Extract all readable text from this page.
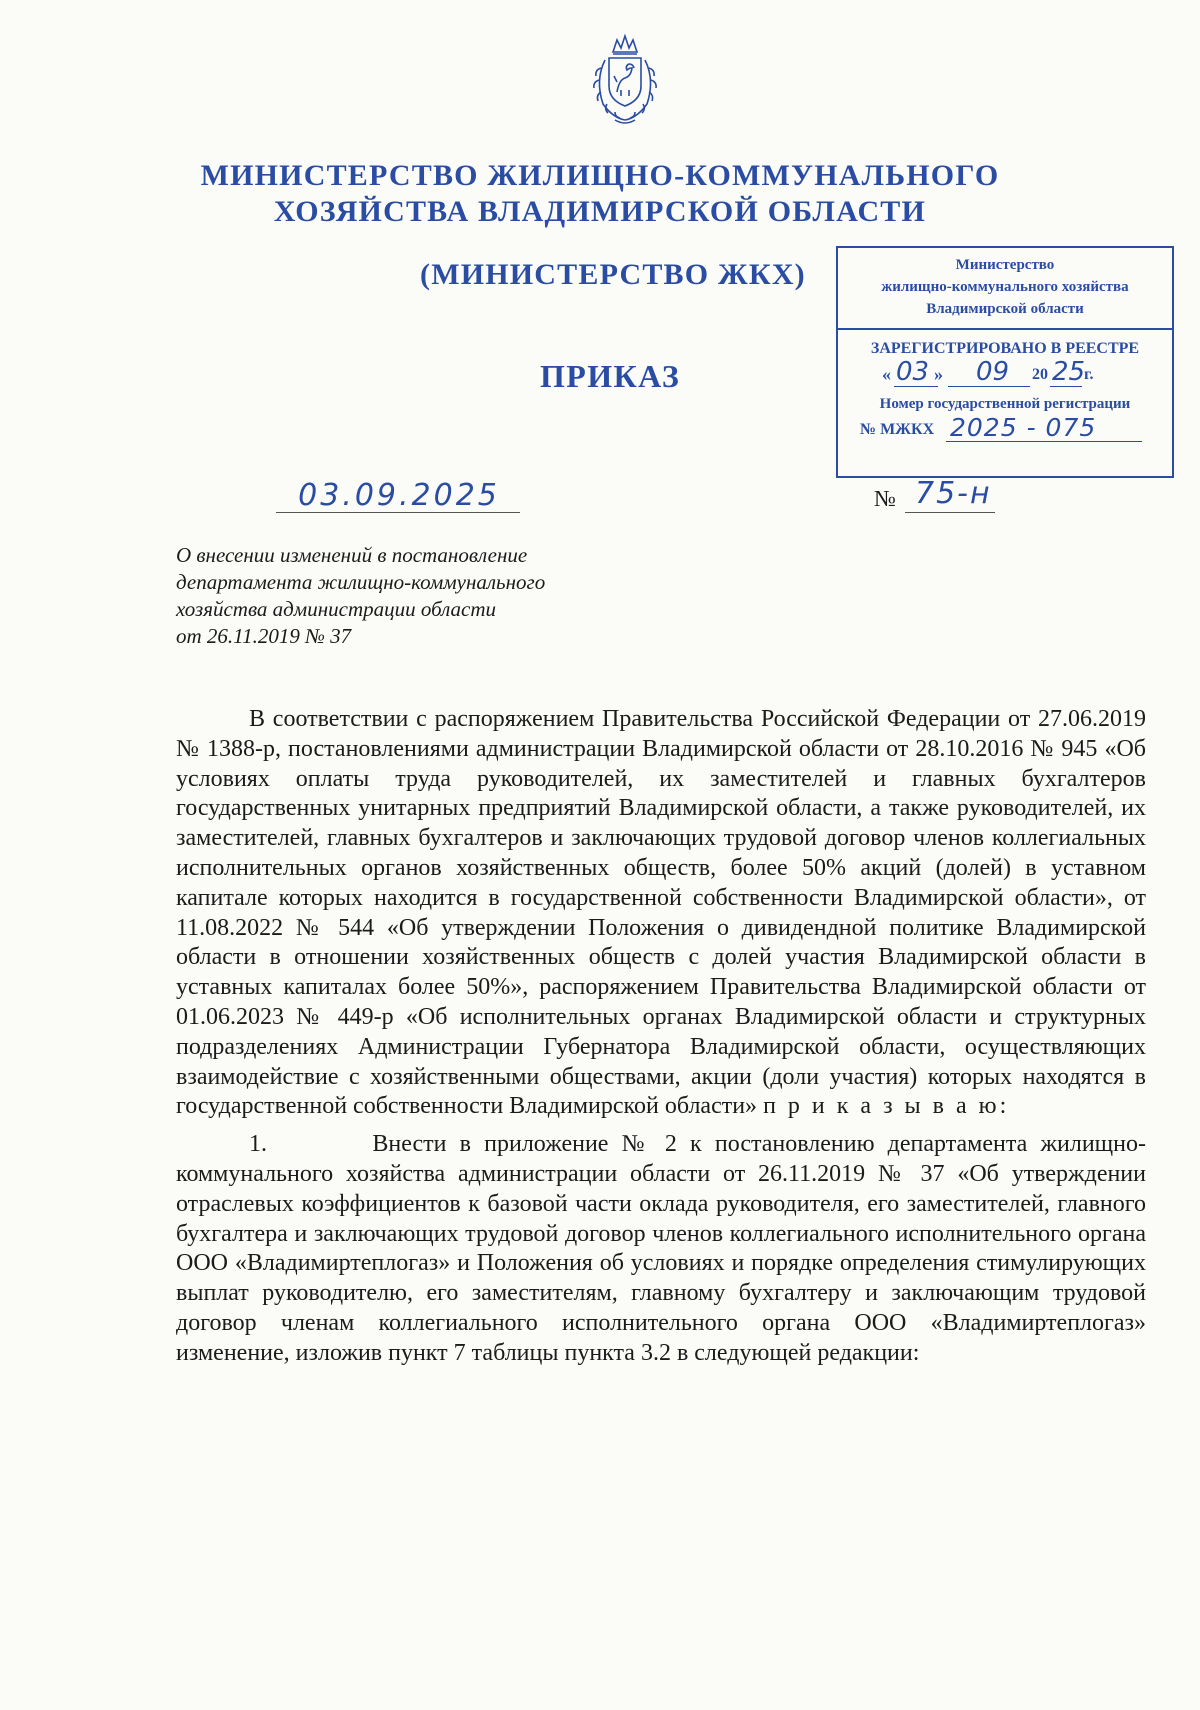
МИНИСТЕРСТВО ЖИЛИЩНО-КОММУНАЛЬНОГО
ХОЗЯЙСТВА ВЛАДИМИРСКОЙ ОБЛАСТИ
(МИНИСТЕРСТВО ЖКХ)
ПРИКАЗ
Министерство
жилищно-коммунального хозяйства
Владимирской области
ЗАРЕГИСТРИРОВАНО В РЕЕСТРЕ
« 03 » 09 20 25
г.
Номер государственной регистрации
№ МЖКХ 2025 - 075
03.09.2025	№ 75-н
О внесении изменений в постановление
департамента жилищно-коммунального
хозяйства администрации области
от 26.11.2019 № 37

В соответствии с распоряжением Правительства Российской Федерации от 27.06.2019 № 1388-р, постановлениями администрации Владимирской области от 28.10.2016 № 945 «Об условиях оплаты труда руководителей, их заместителей и главных бухгалтеров государственных унитарных предприятий Владимирской области, а также руководителей, их заместителей, главных бухгалтеров и заключающих трудовой договор членов коллегиальных исполнительных органов хозяйственных обществ, более 50% акций (долей) в уставном капитале которых находится в государственной собственности Владимирской области», от 11.08.2022 № 544 «Об утверждении Положения о дивидендной политике Владимирской области в отношении хозяйственных обществ с долей участия Владимирской области в уставных капиталах более 50%», распоряжением Правительства Владимирской области от 01.06.2023 № 449-р «Об исполнительных органах Владимирской области и структурных подразделениях Администрации Губернатора Владимирской области, осуществляющих взаимодействие с хозяйственными обществами, акции (доли участия) которых находятся в государственной собственности Владимирской области» п р и к а з ы в а ю:

1.	Внести в приложение № 2 к постановлению департамента жилищно-коммунального хозяйства администрации области от 26.11.2019 № 37 «Об утверждении отраслевых коэффициентов к базовой части оклада руководителя, его заместителей, главного бухгалтера и заключающих трудовой договор членов коллегиального исполнительного органа ООО «Владимиртеплогаз» и Положения об условиях и порядке определения стимулирующих выплат руководителю, его заместителям, главному бухгалтеру и заключающим трудовой договор членам коллегиального исполнительного органа ООО «Владимиртеплогаз» изменение, изложив пункт 7 таблицы пункта 3.2 в следующей редакции:
